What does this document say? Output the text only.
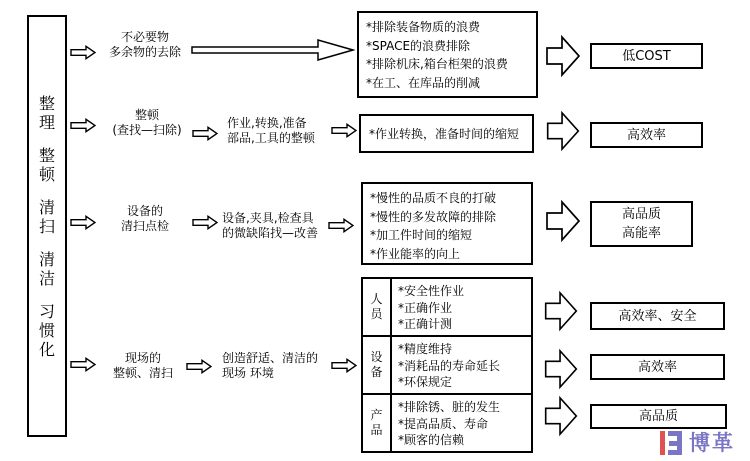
整理
整顿
清扫
清洁
习惯化
不必要物
多余物的去除
*排除装备物质的浪费
*SPACE的浪费排除
*排除机床,箱台柜架的浪费
*在工、在库品的削减
低COST
整顿
(查找—扫除)	作业,转换,准备
部品,工具的整顿	*作业转换，准备时间的缩短	高效率
设备的
清扫点检
设备,夹具,检查具
的微缺陷找—改善
*慢性的品质不良的打破
*慢性的多发故障的排除
*加工件时间的缩短
*作业能率的向上
高品质
高能率
现场的
整顿、清扫
创造舒适、清洁的
现场 环境
人员
*安全性作业
*正确作业
*正确计测
设备
*精度维持
*消耗品的寿命延长
*环保规定
产品
*排除锈、脏的发生
*提高品质、寿命
*顾客的信赖
高效率、安全
高效率
高品质
博革
